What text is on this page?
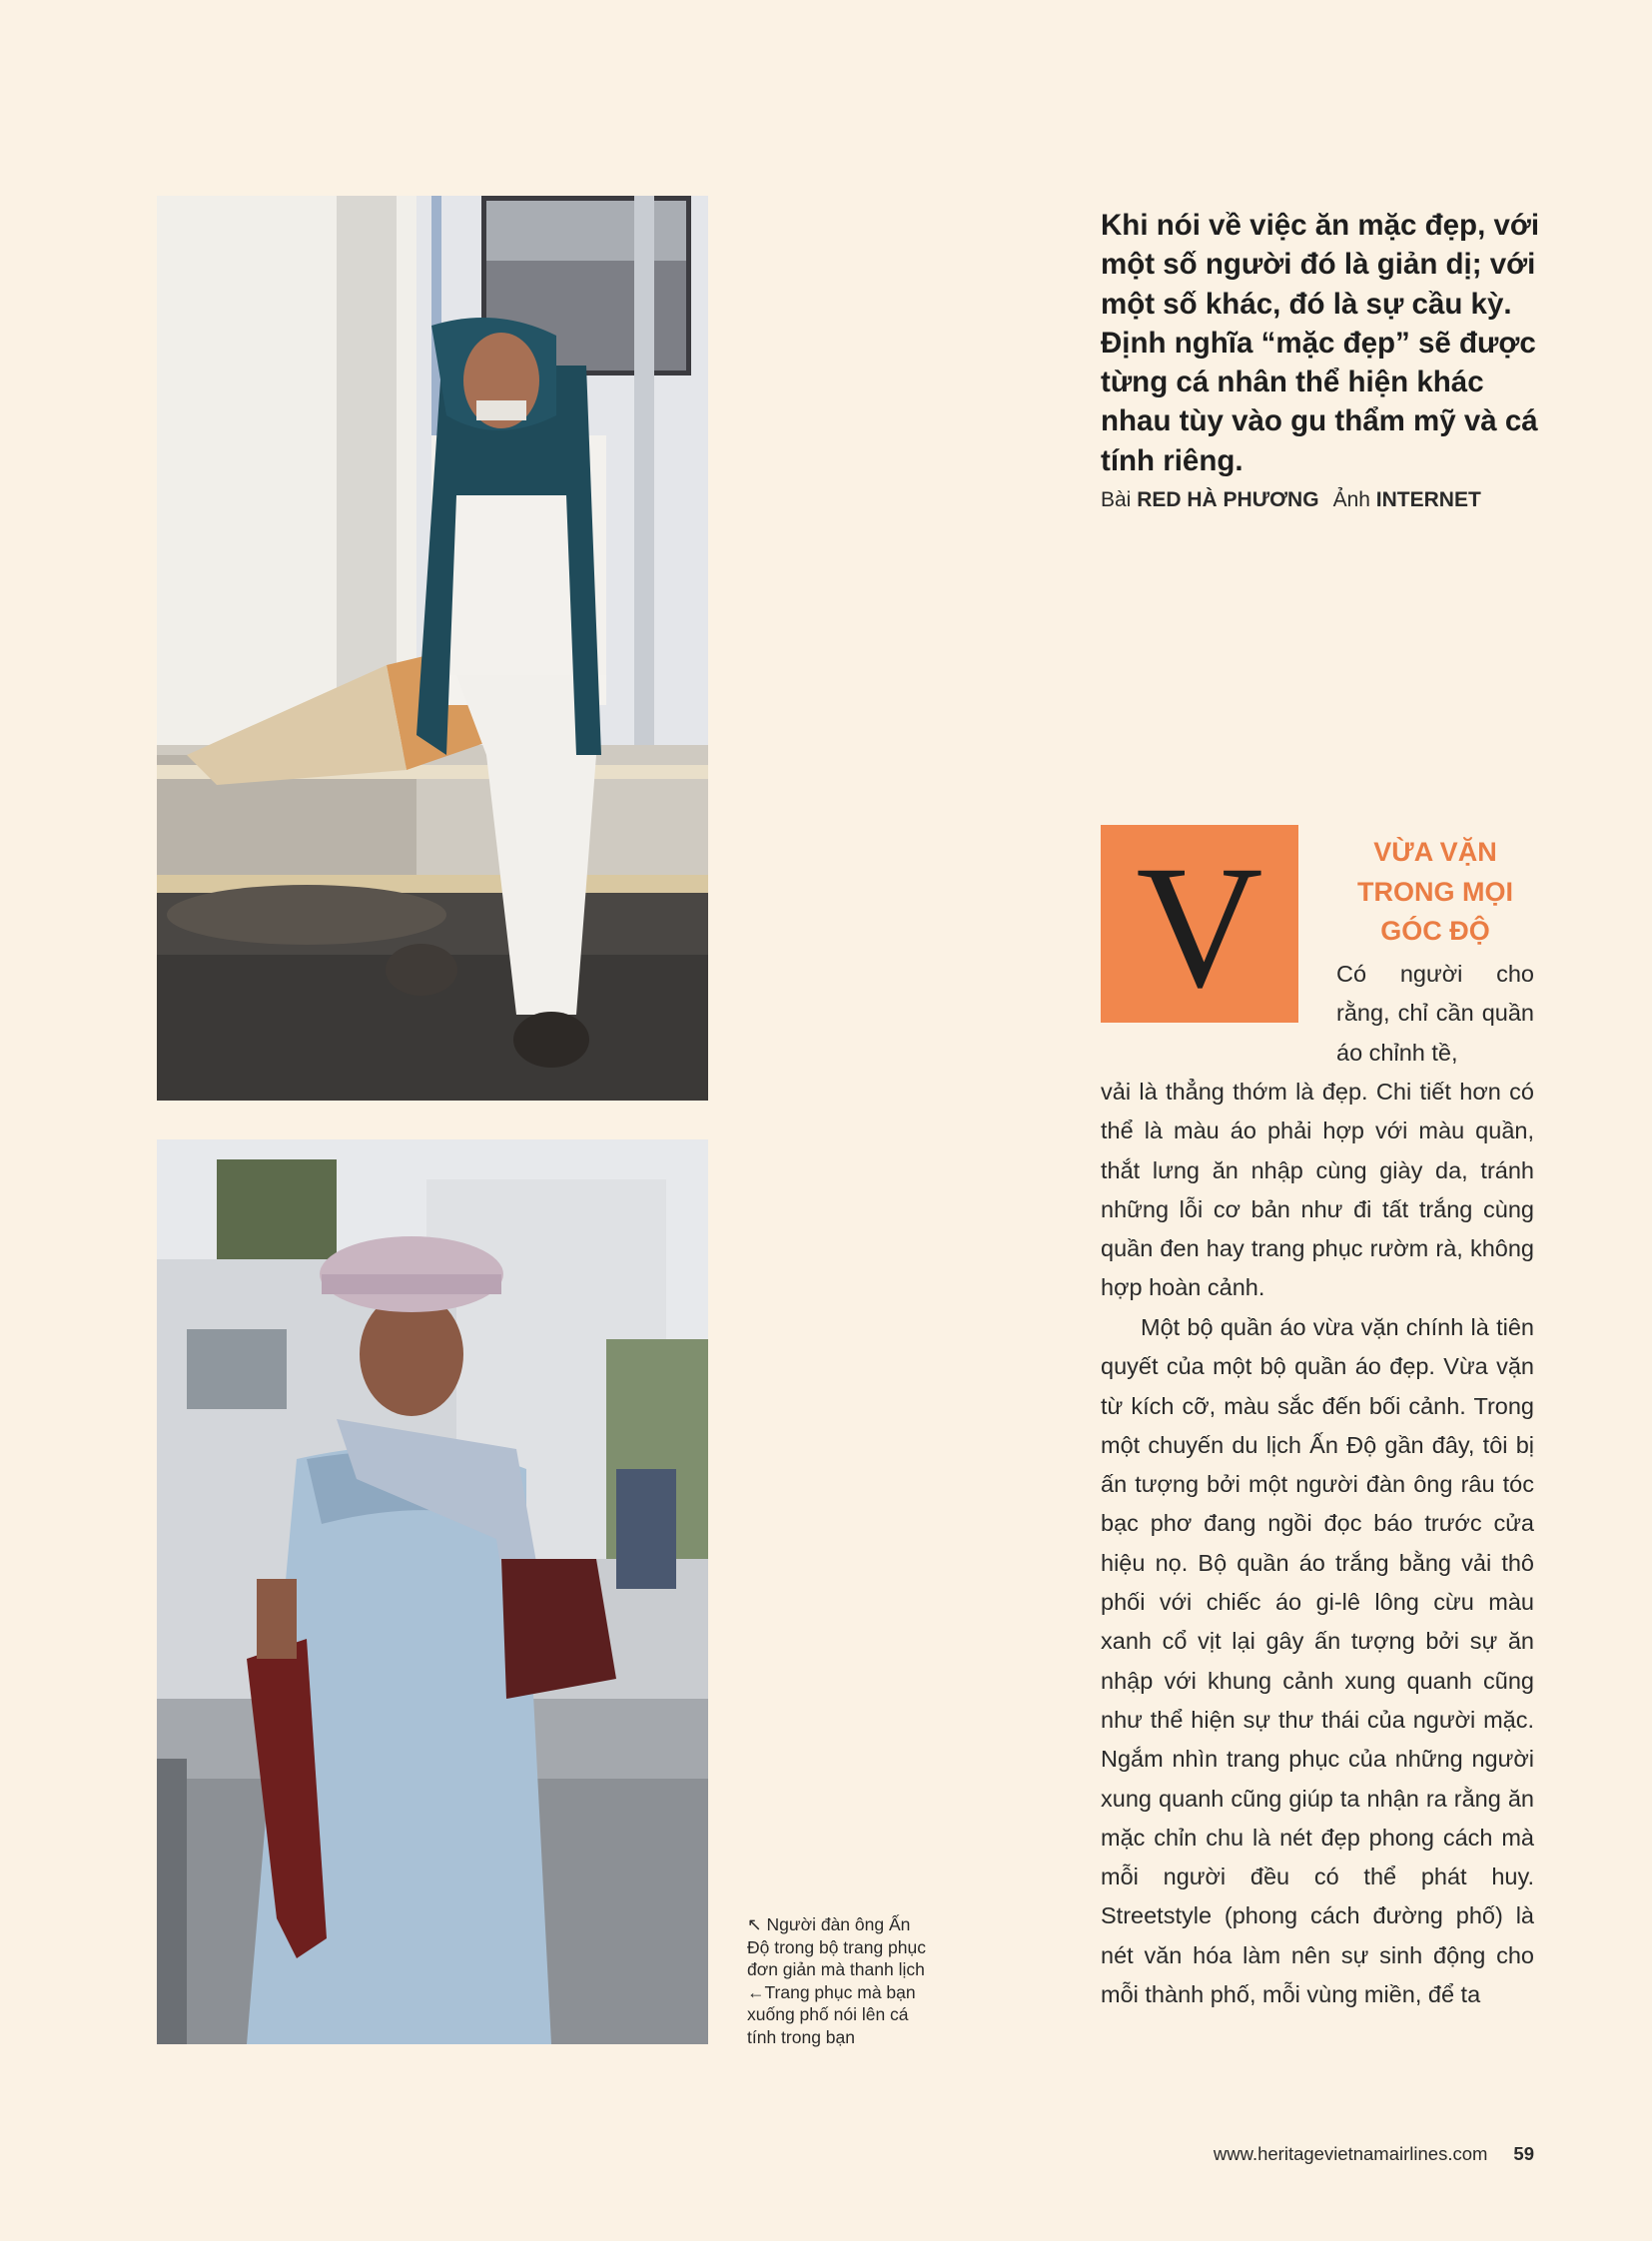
Khi nói về việc ăn mặc đẹp, với một số người đó là giản dị; với một số khác, đó là sự cầu kỳ. Định nghĩa “mặc đẹp” sẽ được từng cá nhân thể hiện khác nhau tùy vào gu thẩm mỹ và cá tính riêng.

Bài RED HÀ PHƯƠNG Ảnh INTERNET

V	VỪA VẶN
TRONG MỌI
GÓC ĐỘ

Có người cho rằng, chỉ cần quần áo chỉnh tề,

vải là thẳng thớm là đẹp. Chi tiết hơn có thể là màu áo phải hợp với màu quần, thắt lưng ăn nhập cùng giày da, tránh những lỗi cơ bản như đi tất trắng cùng quần đen hay trang phục rườm rà, không hợp hoàn cảnh.

Một bộ quần áo vừa vặn chính là tiên quyết của một bộ quần áo đẹp. Vừa vặn từ kích cỡ, màu sắc đến bối cảnh. Trong một chuyến du lịch Ấn Độ gần đây, tôi bị ấn tượng bởi một người đàn ông râu tóc bạc phơ đang ngồi đọc báo trước cửa hiệu nọ. Bộ quần áo trắng bằng vải thô phối với chiếc áo gi-lê lông cừu màu xanh cổ vịt lại gây ấn tượng bởi sự ăn nhập với khung cảnh xung quanh cũng như thể hiện sự thư thái của người mặc. Ngắm nhìn trang phục của những người xung quanh cũng giúp ta nhận ra rằng ăn mặc chỉn chu là nét đẹp phong cách mà mỗi người đều có thể phát huy. Streetstyle (phong cách đường phố) là nét văn hóa làm nên sự sinh động cho mỗi thành phố, mỗi vùng miền, để ta

↖ Người đàn ông Ấn
Độ trong bộ trang phục
đơn giản mà thanh lịch
←Trang phục mà bạn
xuống phố nói lên cá
tính trong bạn

www.heritagevietnamairlines.com 59
